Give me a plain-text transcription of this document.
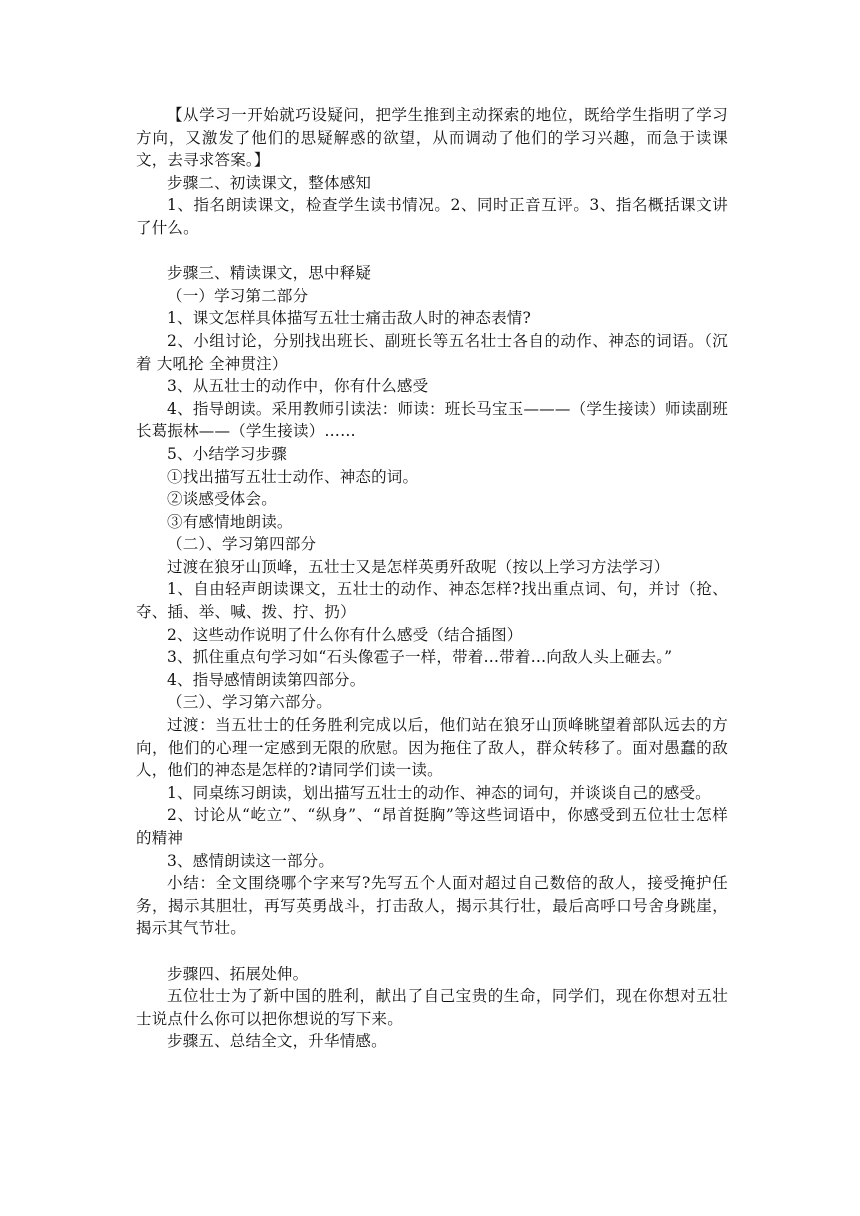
【从学习一开始就巧设疑问，把学生推到主动探索的地位，既给学生指明了学习方向，又激发了他们的思疑解惑的欲望，从而调动了他们的学习兴趣，而急于读课文，去寻求答案。】

步骤二、初读课文，整体感知

1、指名朗读课文，检查学生读书情况。2、同时正音互评。3、指名概括课文讲了什么。

步骤三、精读课文，思中释疑

（一）学习第二部分

1、课文怎样具体描写五壮士痛击敌人时的神态表情?

2、小组讨论，分别找出班长、副班长等五名壮士各自的动作、神态的词语。（沉着 大吼抡 全神贯注）

3、从五壮士的动作中，你有什么感受

4、指导朗读。采用教师引读法：师读：班长马宝玉———（学生接读）师读副班长葛振林——（学生接读）……

5、小结学习步骤

①找出描写五壮士动作、神态的词。

②谈感受体会。

③有感情地朗读。

（二）、学习第四部分

过渡在狼牙山顶峰，五壮士又是怎样英勇歼敌呢（按以上学习方法学习）

1、自由轻声朗读课文，五壮士的动作、神态怎样?找出重点词、句，并讨（抢、夺、插、举、喊、拨、拧、扔）

2、这些动作说明了什么你有什么感受（结合插图）

3、抓住重点句学习如“石头像雹子一样，带着…带着…向敌人头上砸去。”

4、指导感情朗读第四部分。

（三）、学习第六部分。

过渡：当五壮士的任务胜利完成以后，他们站在狼牙山顶峰眺望着部队远去的方向，他们的心理一定感到无限的欣慰。因为拖住了敌人，群众转移了。面对愚蠢的敌人，他们的神态是怎样的?请同学们读一读。

1、同桌练习朗读，划出描写五壮士的动作、神态的词句，并谈谈自己的感受。

2、讨论从“屹立”、“纵身”、“昂首挺胸”等这些词语中，你感受到五位壮士怎样的精神

3、感情朗读这一部分。

小结：全文围绕哪个字来写?先写五个人面对超过自己数倍的敌人，接受掩护任务，揭示其胆壮，再写英勇战斗，打击敌人，揭示其行壮，最后高呼口号舍身跳崖，揭示其气节壮。

步骤四、拓展处伸。

五位壮士为了新中国的胜利，献出了自己宝贵的生命，同学们，现在你想对五壮士说点什么你可以把你想说的写下来。

步骤五、总结全文，升华情感。
